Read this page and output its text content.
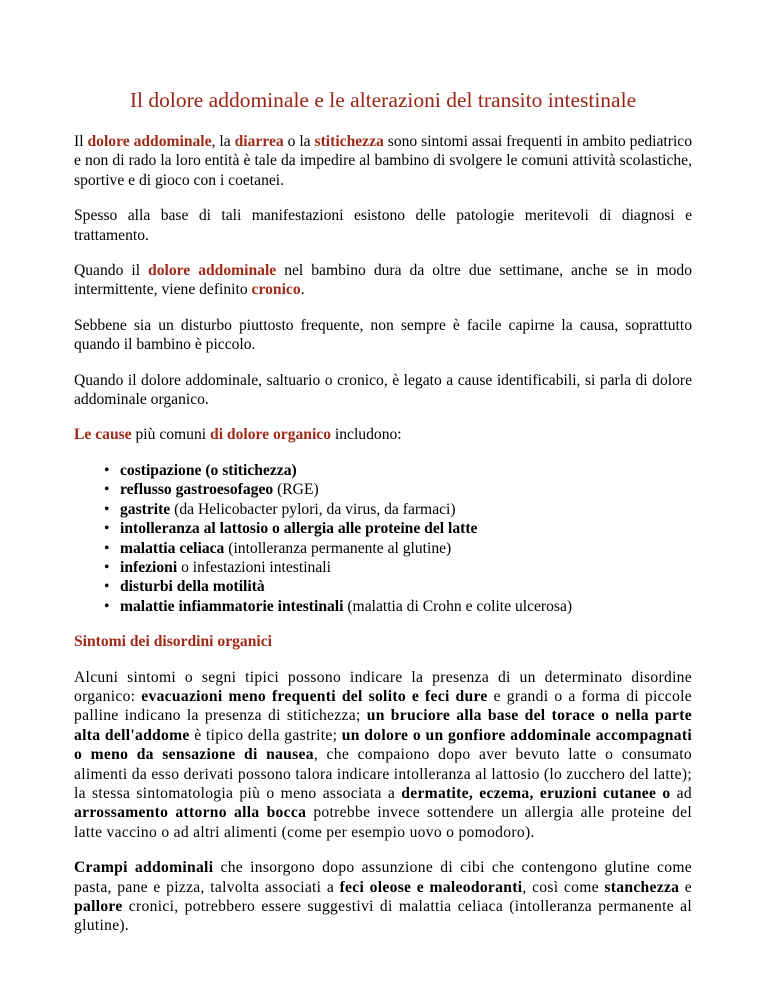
Il dolore addominale e le alterazioni del transito intestinale

Il dolore addominale, la diarrea o la stitichezza sono sintomi assai frequenti in ambito pediatrico e non di rado la loro entità è tale da impedire al bambino di svolgere le comuni attività scolastiche, sportive e di gioco con i coetanei.

Spesso alla base di tali manifestazioni esistono delle patologie meritevoli di diagnosi e trattamento.

Quando il dolore addominale nel bambino dura da oltre due settimane, anche se in modo intermittente, viene definito cronico.

Sebbene sia un disturbo piuttosto frequente, non sempre è facile capirne la causa, soprattutto quando il bambino è piccolo.

Quando il dolore addominale, saltuario o cronico, è legato a cause identificabili, si parla di dolore addominale organico.

Le cause più comuni di dolore organico includono:

• costipazione (o stitichezza)
• reflusso gastroesofageo (RGE)
• gastrite (da Helicobacter pylori, da virus, da farmaci)
• intolleranza al lattosio o allergia alle proteine del latte
• malattia celiaca (intolleranza permanente al glutine)
• infezioni o infestazioni intestinali
• disturbi della motilità
• malattie infiammatorie intestinali (malattia di Crohn e colite ulcerosa)

Sintomi dei disordini organici

Alcuni sintomi o segni tipici possono indicare la presenza di un determinato disordine organico: evacuazioni meno frequenti del solito e feci dure e grandi o a forma di piccole palline indicano la presenza di stitichezza; un bruciore alla base del torace o nella parte alta dell'addome è tipico della gastrite; un dolore o un gonfiore addominale accompagnati o meno da sensazione di nausea, che compaiono dopo aver bevuto latte o consumato alimenti da esso derivati possono talora indicare intolleranza al lattosio (lo zucchero del latte); la stessa sintomatologia più o meno associata a dermatite, eczema, eruzioni cutanee o ad arrossamento attorno alla bocca potrebbe invece sottendere un allergia alle proteine del latte vaccino o ad altri alimenti (come per esempio uovo o pomodoro).

Crampi addominali che insorgono dopo assunzione di cibi che contengono glutine come pasta, pane e pizza, talvolta associati a feci oleose e maleodoranti, così come stanchezza e pallore cronici, potrebbero essere suggestivi di malattia celiaca (intolleranza permanente al glutine).
